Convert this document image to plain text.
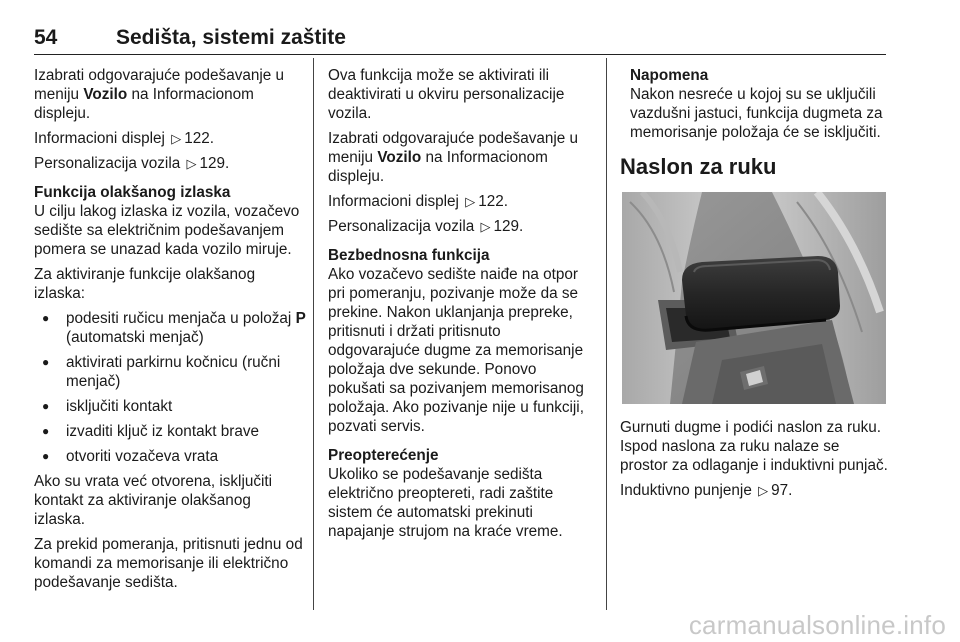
54	Sedišta, sistemi zaštite

Izabrati odgovarajuće podešavanje u meniju Vozilo na Informacionom displeju.

Informacioni displej ▷ 122.

Personalizacija vozila ▷ 129.

Funkcija olakšanog izlaska

U cilju lakog izlaska iz vozila, vozačevo sedište sa električnim podešavanjem pomera se unazad kada vozilo miruje.

Za aktiviranje funkcije olakšanog izlaska:

● podesiti ručicu menjača u položaj P (automatski menjač)
● aktivirati parkirnu kočnicu (ručni menjač)
● isključiti kontakt
● izvaditi ključ iz kontakt brave
● otvoriti vozačeva vrata

Ako su vrata već otvorena, isključiti kontakt za aktiviranje olakšanog izlaska.

Za prekid pomeranja, pritisnuti jednu od komandi za memorisanje ili električno podešavanje sedišta.

Ova funkcija može se aktivirati ili deaktivirati u okviru personalizacije vozila.

Izabrati odgovarajuće podešavanje u meniju Vozilo na Informacionom displeju.

Informacioni displej ▷ 122.

Personalizacija vozila ▷ 129.

Bezbednosna funkcija

Ako vozačevo sedište naiđe na otpor pri pomeranju, pozivanje može da se prekine. Nakon uklanjanja prepreke, pritisnuti i držati pritisnuto odgovarajuće dugme za memorisanje položaja dve sekunde. Ponovo pokušati sa pozivanjem memorisanog položaja. Ako pozivanje nije u funkciji, pozvati servis.

Preopterećenje

Ukoliko se podešavanje sedišta električno preoptereti, radi zaštite sistem će automatski prekinuti napajanje strujom na kraće vreme.

Napomena
Nakon nesreće u kojoj su se uključili vazdušni jastuci, funkcija dugmeta za memorisanje položaja će se isključiti.
Naslon za ruku

Gurnuti dugme i podići naslon za ruku. Ispod naslona za ruku nalaze se prostor za odlaganje i induktivni punjač.

Induktivno punjenje ▷ 97.

carmanualsonline.info
